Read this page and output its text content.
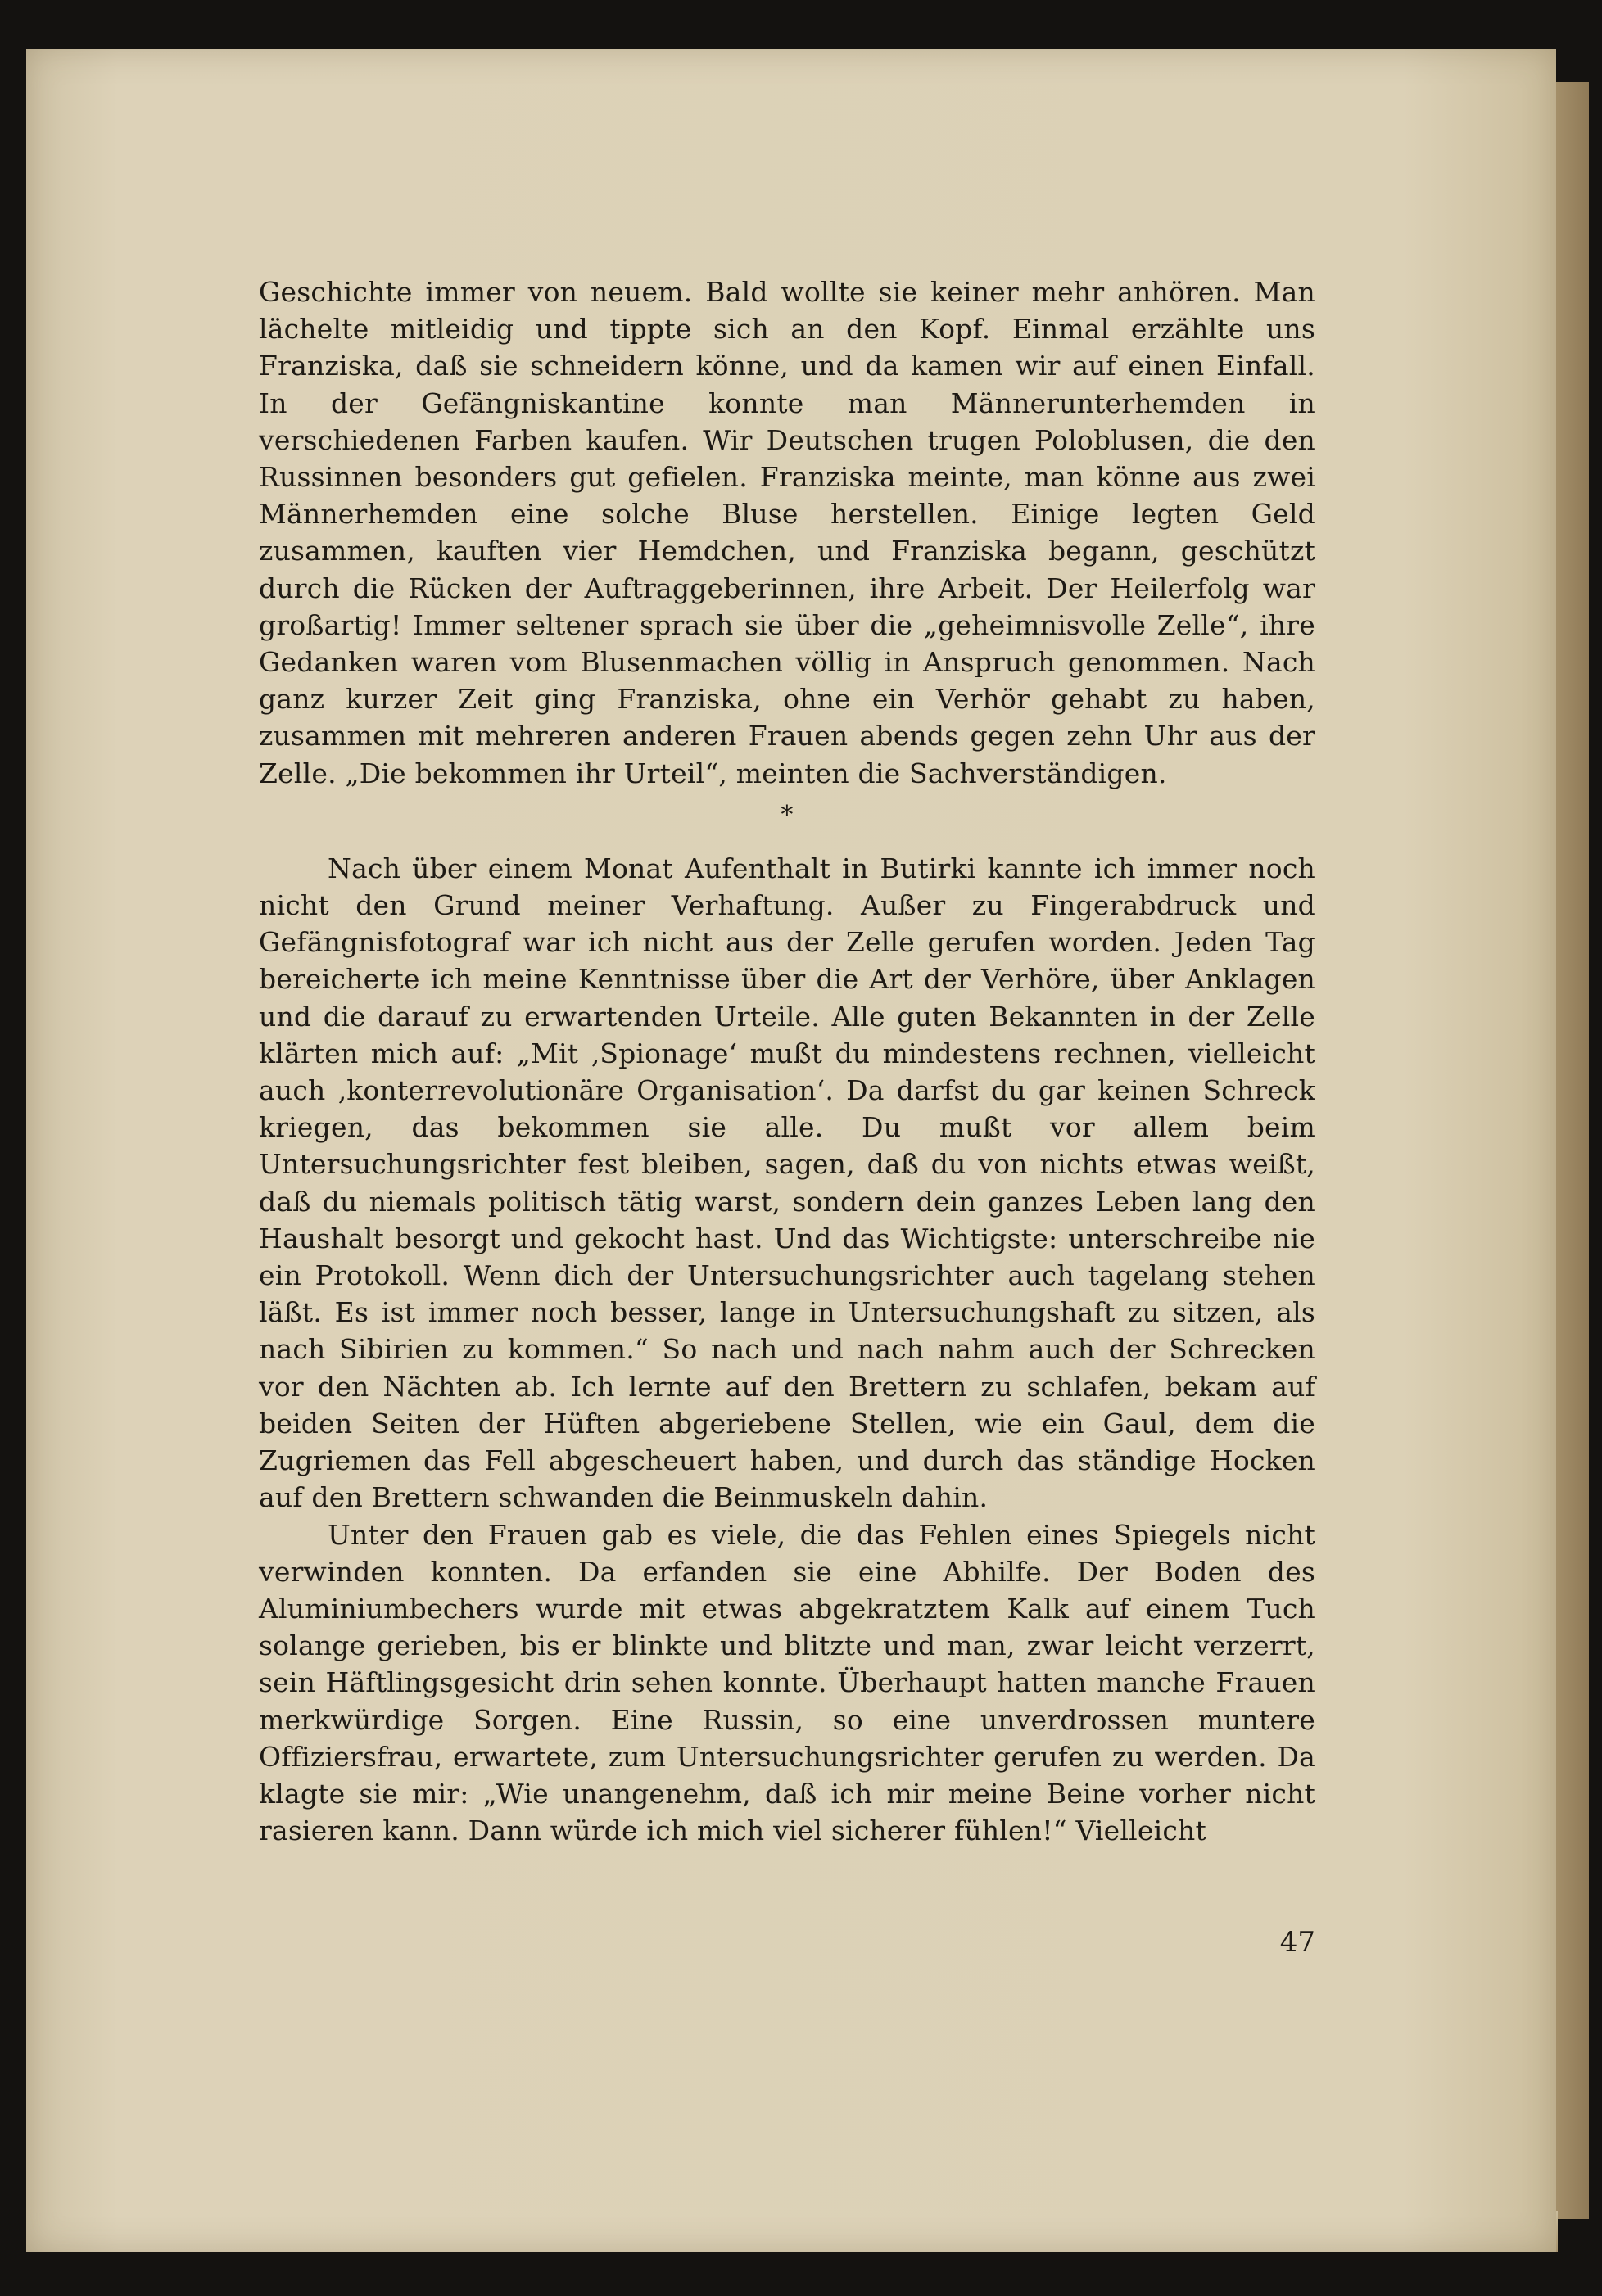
Geschichte immer von neuem. Bald wollte sie keiner mehr anhören. Man lächelte mitleidig und tippte sich an den Kopf. Einmal erzählte uns Franziska, daß sie schneidern könne, und da kamen wir auf einen Einfall. In der Gefängniskantine konnte man Männerunterhemden in verschiedenen Farben kaufen. Wir Deutschen trugen Poloblusen, die den Russinnen besonders gut gefielen. Franziska meinte, man könne aus zwei Männerhemden eine solche Bluse herstellen. Einige legten Geld zusammen, kauften vier Hemdchen, und Franziska begann, geschützt durch die Rücken der Auftraggeberinnen, ihre Arbeit. Der Heilerfolg war großartig! Immer seltener sprach sie über die „geheimnisvolle Zelle“, ihre Gedanken waren vom Blusenmachen völlig in Anspruch genommen. Nach ganz kurzer Zeit ging Franziska, ohne ein Verhör gehabt zu haben, zusammen mit mehreren anderen Frauen abends gegen zehn Uhr aus der Zelle. „Die bekommen ihr Urteil“, meinten die Sachverständigen.

*

Nach über einem Monat Aufenthalt in Butirki kannte ich immer noch nicht den Grund meiner Verhaftung. Außer zu Fingerabdruck und Gefängnisfotograf war ich nicht aus der Zelle gerufen worden. Jeden Tag bereicherte ich meine Kenntnisse über die Art der Verhöre, über Anklagen und die darauf zu erwartenden Urteile. Alle guten Bekannten in der Zelle klärten mich auf: „Mit ‚Spionage‘ mußt du mindestens rechnen, vielleicht auch ‚konterrevolutionäre Organisation‘. Da darfst du gar keinen Schreck kriegen, das bekommen sie alle. Du mußt vor allem beim Untersuchungsrichter fest bleiben, sagen, daß du von nichts etwas weißt, daß du niemals politisch tätig warst, sondern dein ganzes Leben lang den Haushalt besorgt und gekocht hast. Und das Wichtigste: unterschreibe nie ein Protokoll. Wenn dich der Untersuchungsrichter auch tagelang stehen läßt. Es ist immer noch besser, lange in Untersuchungshaft zu sitzen, als nach Sibirien zu kommen.“ So nach und nach nahm auch der Schrecken vor den Nächten ab. Ich lernte auf den Brettern zu schlafen, bekam auf beiden Seiten der Hüften abgeriebene Stellen, wie ein Gaul, dem die Zugriemen das Fell abgescheuert haben, und durch das ständige Hocken auf den Brettern schwanden die Beinmuskeln dahin.

Unter den Frauen gab es viele, die das Fehlen eines Spiegels nicht verwinden konnten. Da erfanden sie eine Abhilfe. Der Boden des Aluminiumbechers wurde mit etwas abgekratztem Kalk auf einem Tuch solange gerieben, bis er blinkte und blitzte und man, zwar leicht verzerrt, sein Häftlingsgesicht drin sehen konnte. Überhaupt hatten manche Frauen merkwürdige Sorgen. Eine Russin, so eine unverdrossen muntere Offiziersfrau, erwartete, zum Untersuchungsrichter gerufen zu werden. Da klagte sie mir: „Wie unangenehm, daß ich mir meine Beine vorher nicht rasieren kann. Dann würde ich mich viel sicherer fühlen!“ Vielleicht

47
